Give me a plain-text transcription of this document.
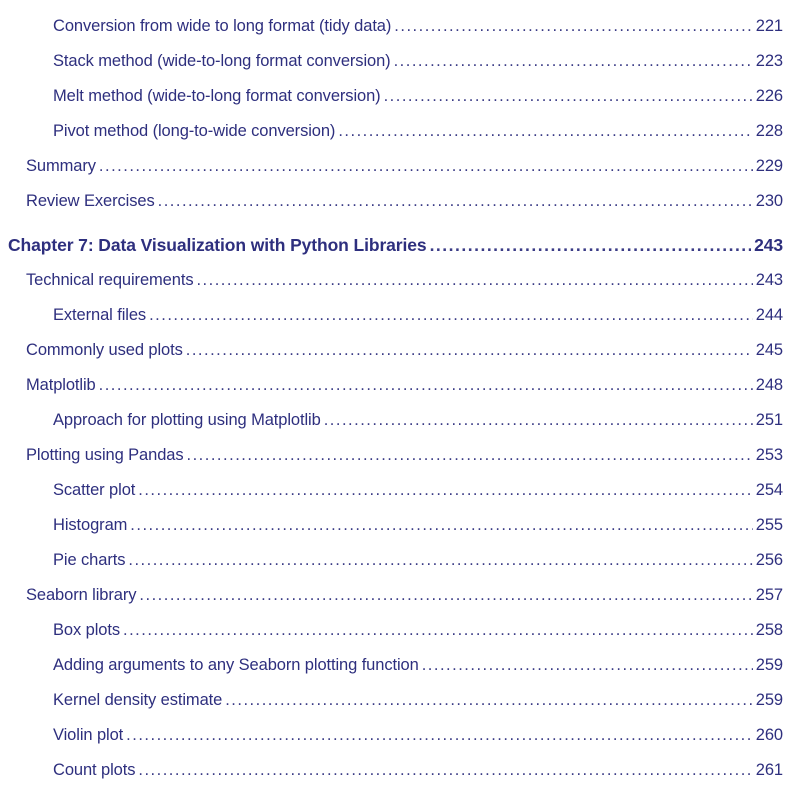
Conversion from wide to long format (tidy data) .....	221
Stack method (wide-to-long format conversion) .....	223
Melt method (wide-to-long format conversion) .....	226
Pivot method (long-to-wide conversion) .....	228
Summary .....	229
Review Exercises .....	230
Chapter 7: Data Visualization with Python Libraries .....	243
Technical requirements .....	243
External files .....	244
Commonly used plots .....	245
Matplotlib .....	248
Approach for plotting using Matplotlib .....	251
Plotting using Pandas .....	253
Scatter plot .....	254
Histogram .....	255
Pie charts .....	256
Seaborn library .....	257
Box plots .....	258
Adding arguments to any Seaborn plotting function .....	259
Kernel density estimate .....	259
Violin plot .....	260
Count plots .....	261
